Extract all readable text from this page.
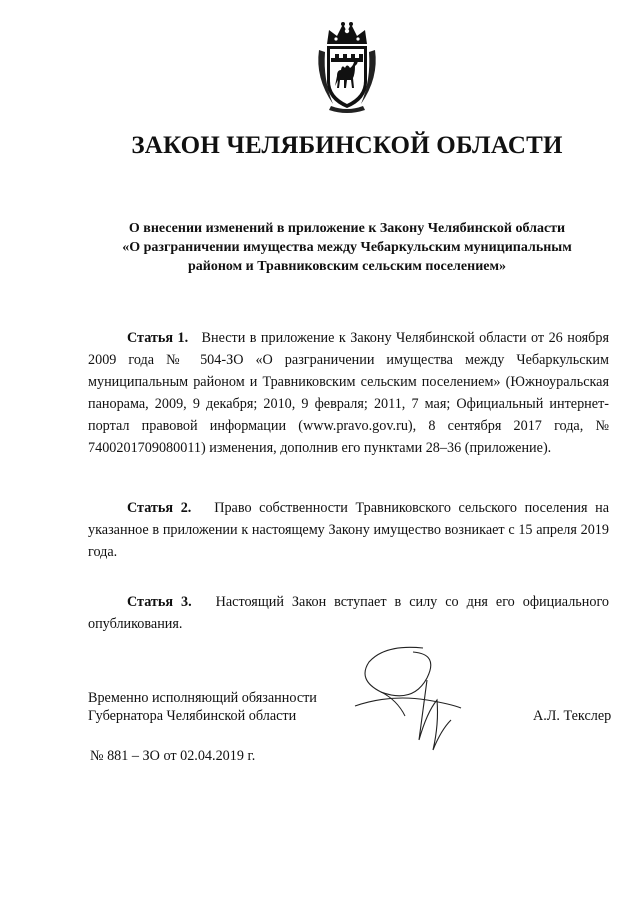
ЗАКОН ЧЕЛЯБИНСКОЙ ОБЛАСТИ
О внесении изменений в приложение к Закону Челябинской области
«О разграничении имущества между Чебаркульским муниципальным
районом и Травниковским сельским поселением»

Статья 1. Внести в приложение к Закону Челябинской области от 26 ноября 2009 года № 504-ЗО «О разграничении имущества между Чебаркульским муниципальным районом и Травниковским сельским поселением» (Южноуральская панорама, 2009, 9 декабря; 2010, 9 февраля; 2011, 7 мая; Официальный интернет-портал правовой информации (www.pravo.gov.ru), 8 сентября 2017 года, № 7400201709080011) изменения, дополнив его пунктами 28–36 (приложение).

Статья 2. Право собственности Травниковского сельского поселения на указанное в приложении к настоящему Закону имущество возникает с 15 апреля 2019 года.

Статья 3. Настоящий Закон вступает в силу со дня его официального опубликования.

Временно исполняющий обязанности
Губернатора Челябинской области	А.Л. Текслер
№ 881 – ЗО от 02.04.2019 г.
